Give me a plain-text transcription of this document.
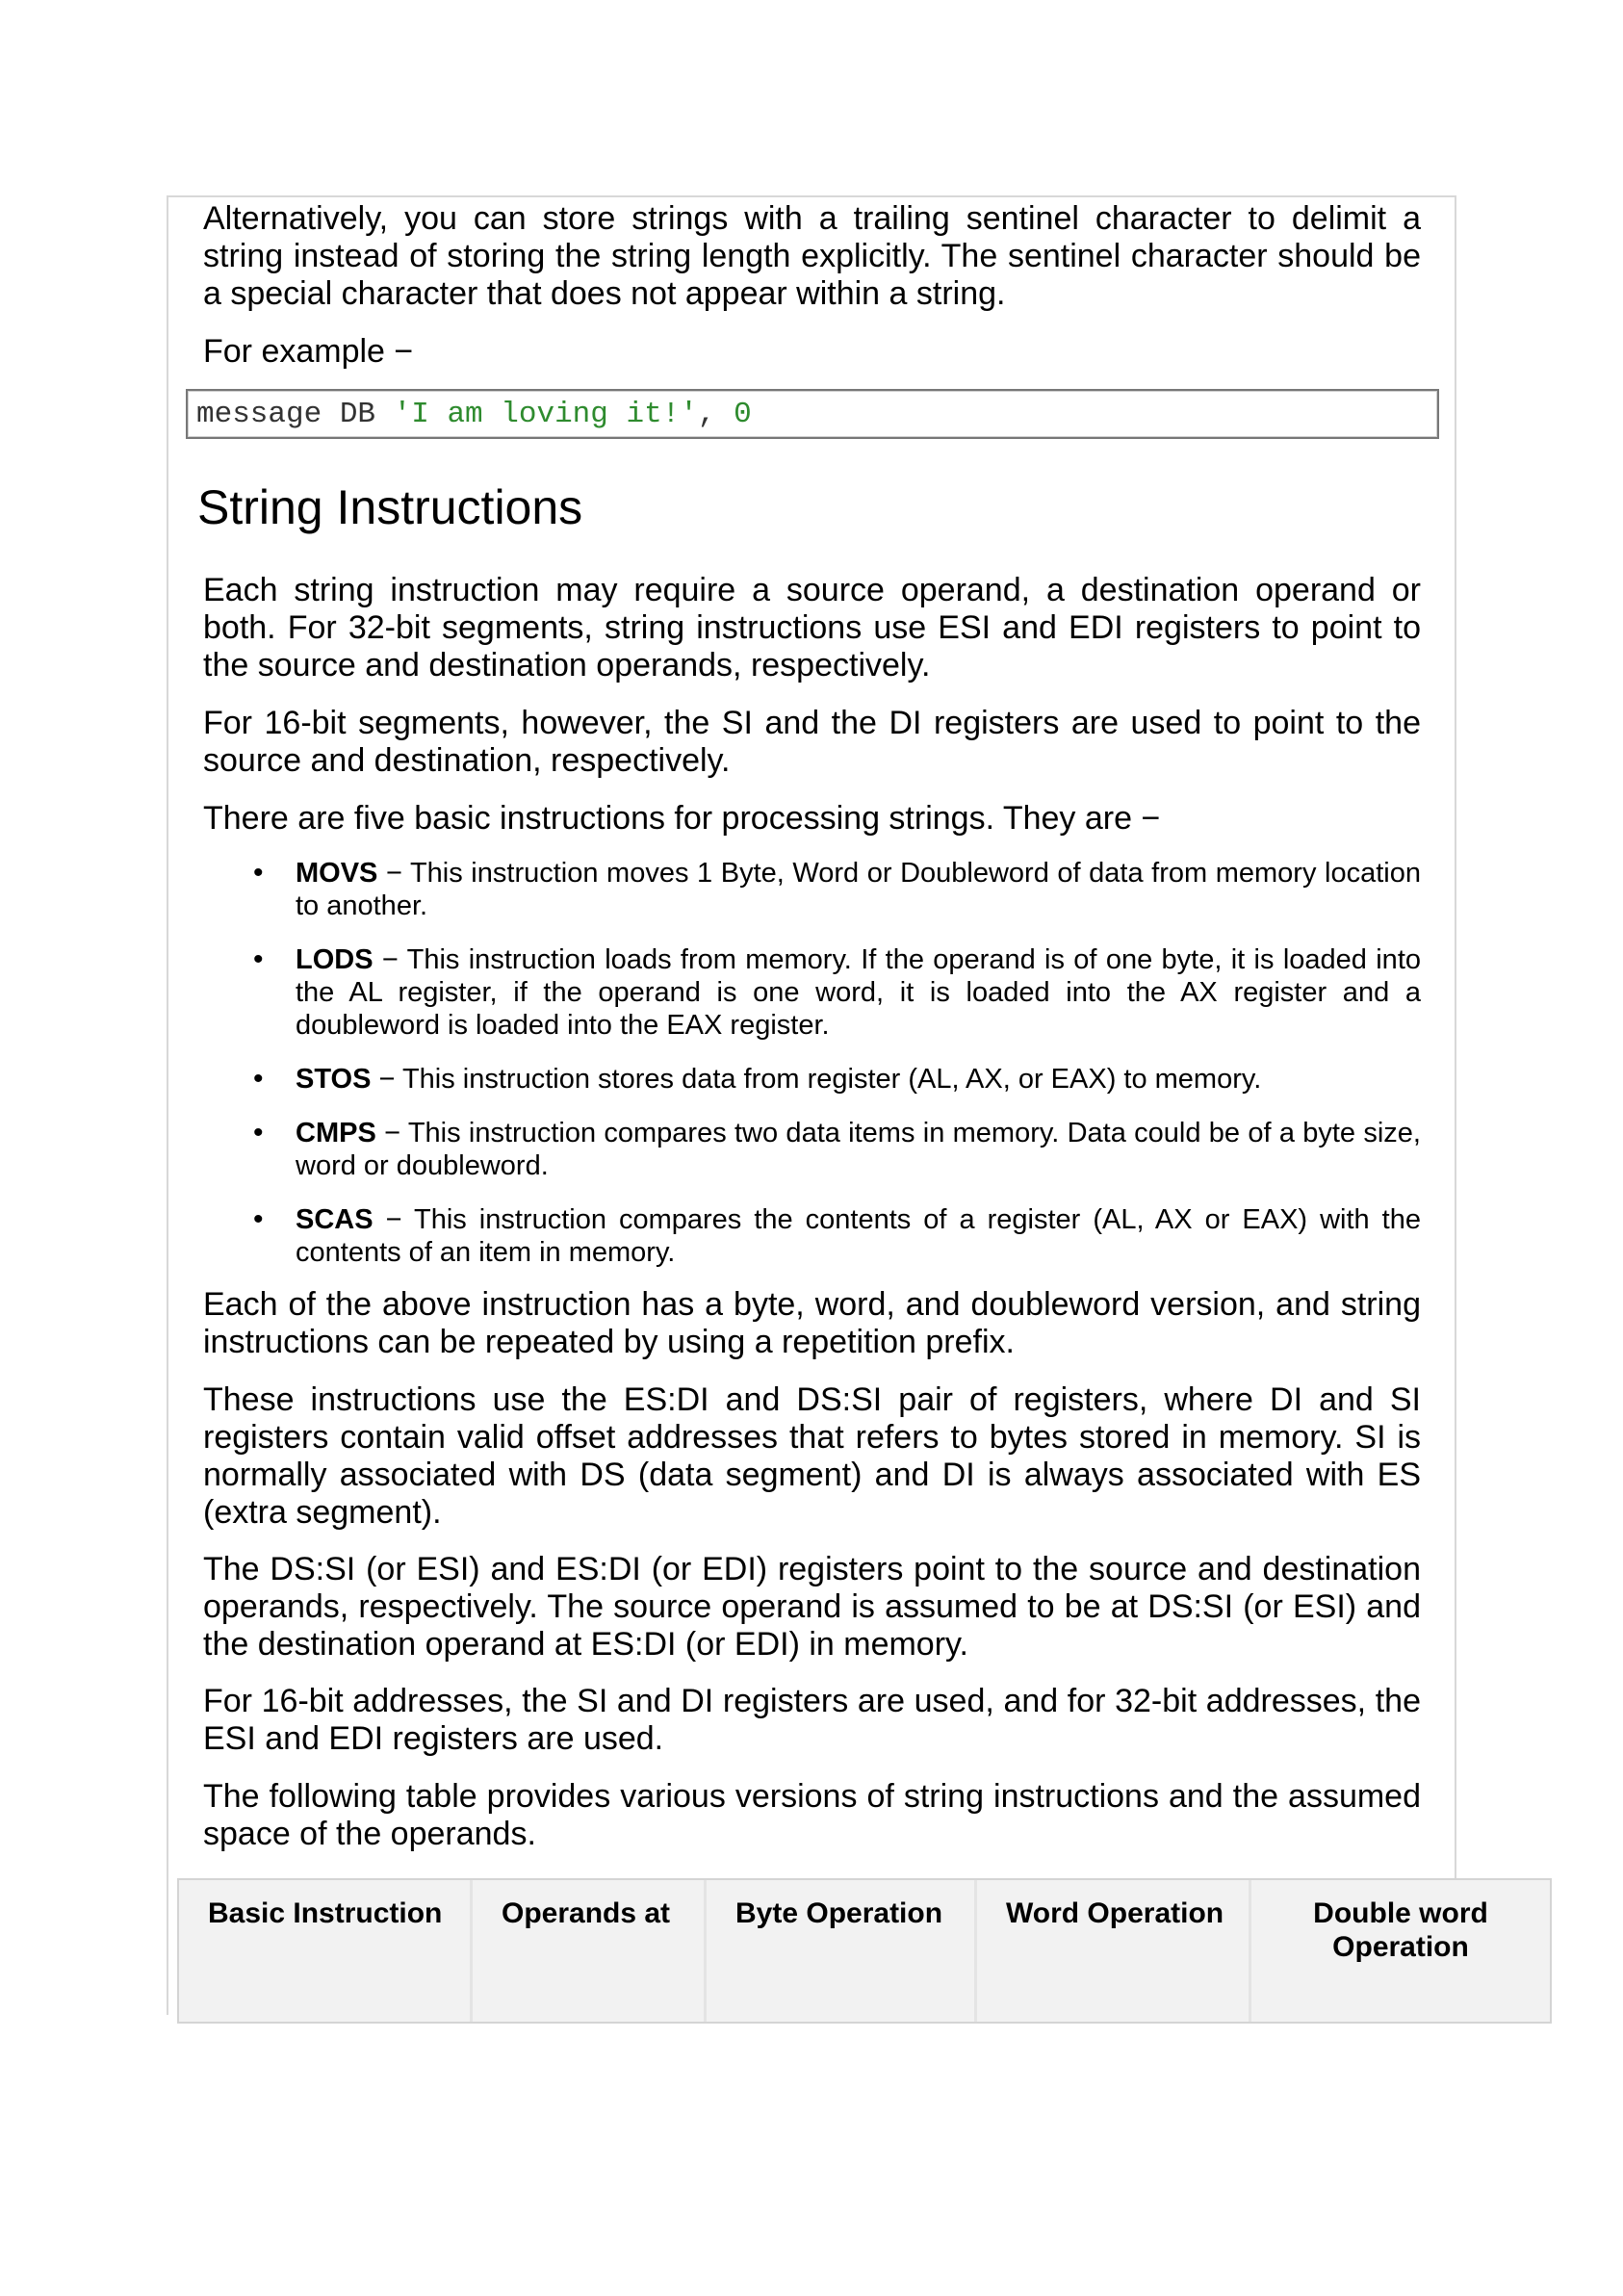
Alternatively, you can store strings with a trailing sentinel character to delimit a string instead of storing the string length explicitly. The sentinel character should be a special character that does not appear within a string.

For example −

message DB 'I am loving it!', 0
String Instructions

Each string instruction may require a source operand, a destination operand or both. For 32-bit segments, string instructions use ESI and EDI registers to point to the source and destination operands, respectively.

For 16-bit segments, however, the SI and the DI registers are used to point to the source and destination, respectively.

There are five basic instructions for processing strings. They are −

• MOVS − This instruction moves 1 Byte, Word or Doubleword of data from memory location to another.
• LODS − This instruction loads from memory. If the operand is of one byte, it is loaded into the AL register, if the operand is one word, it is loaded into the AX register and a doubleword is loaded into the EAX register.
• STOS − This instruction stores data from register (AL, AX, or EAX) to memory.
• CMPS − This instruction compares two data items in memory. Data could be of a byte size, word or doubleword.
• SCAS − This instruction compares the contents of a register (AL, AX or EAX) with the contents of an item in memory.

Each of the above instruction has a byte, word, and doubleword version, and string instructions can be repeated by using a repetition prefix.

These instructions use the ES:DI and DS:SI pair of registers, where DI and SI registers contain valid offset addresses that refers to bytes stored in memory. SI is normally associated with DS (data segment) and DI is always associated with ES (extra segment).

The DS:SI (or ESI) and ES:DI (or EDI) registers point to the source and destination operands, respectively. The source operand is assumed to be at DS:SI (or ESI) and the destination operand at ES:DI (or EDI) in memory.

For 16-bit addresses, the SI and DI registers are used, and for 32-bit addresses, the ESI and EDI registers are used.

The following table provides various versions of string instructions and the assumed space of the operands.

Basic Instruction	Operands at	Byte Operation	Word Operation	Double word Operation
